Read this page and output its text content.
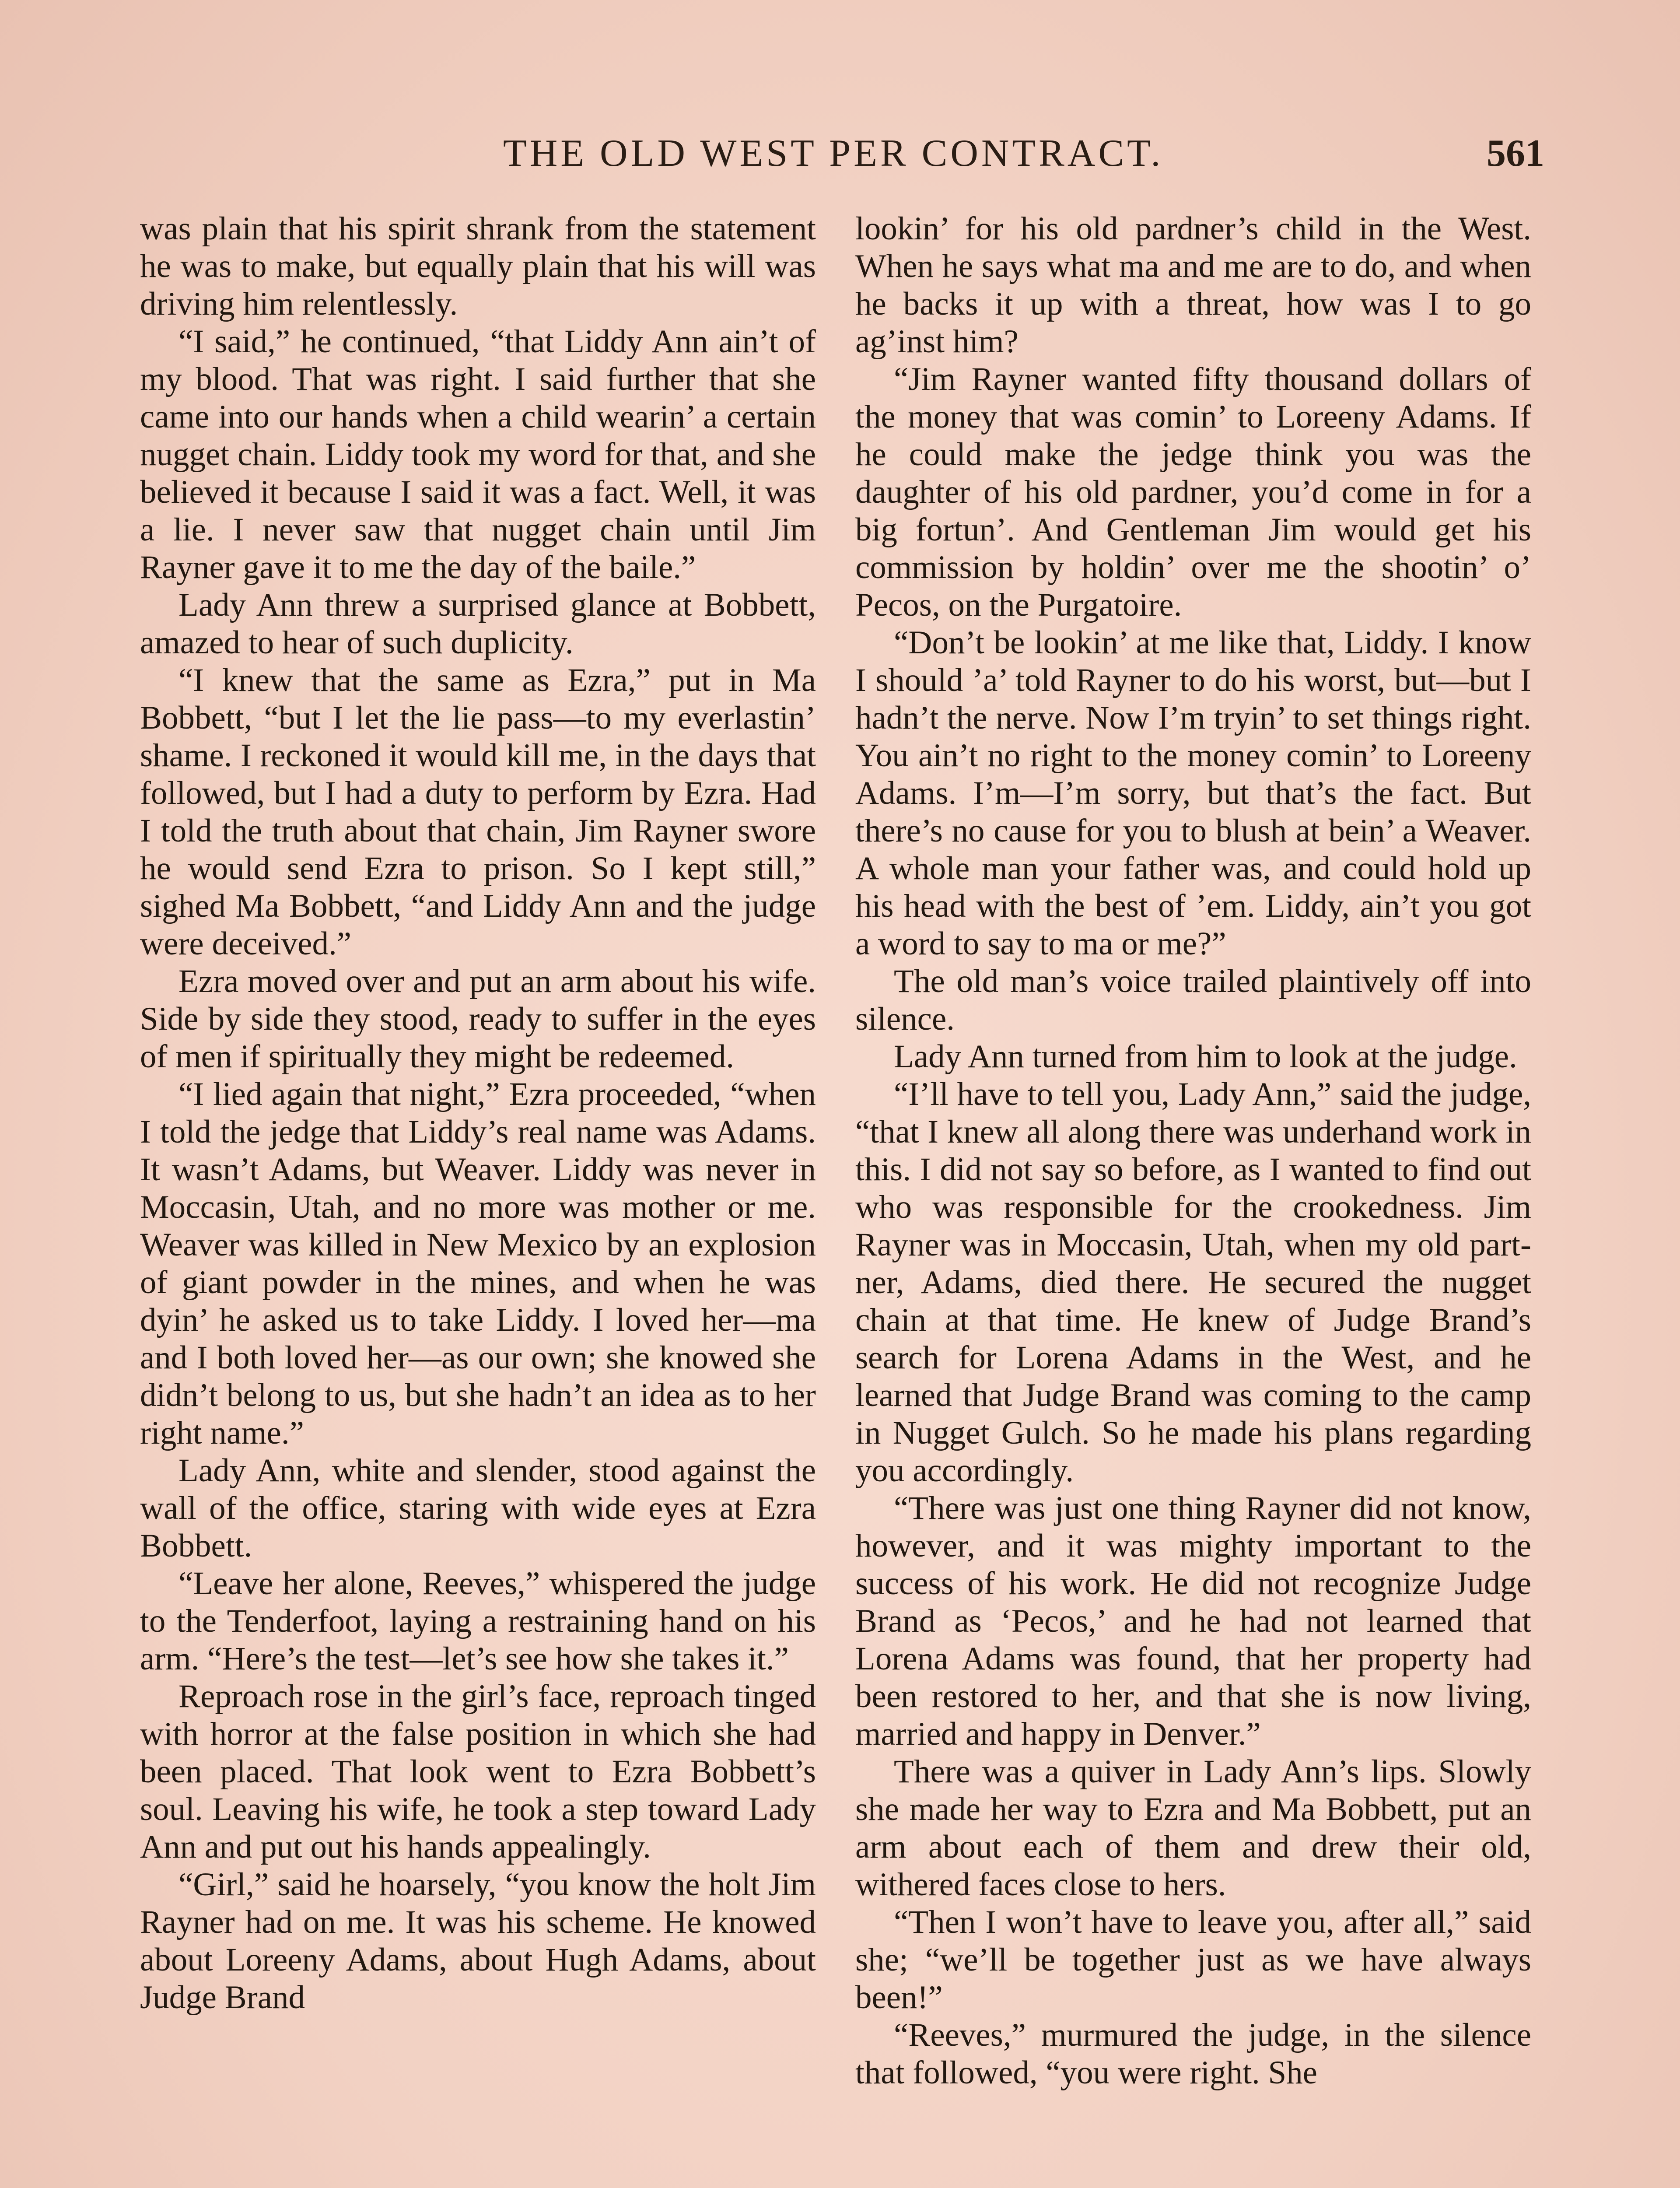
THE OLD WEST PER CONTRACT.	561

was plain that his spirit shrank from the statement he was to make, but equally plain that his will was driving him relentlessly.

“I said,” he continued, “that Liddy Ann ain’t of my blood. That was right. I said further that she came into our hands when a child wearin’ a certain nugget chain. Liddy took my word for that, and she believed it because I said it was a fact. Well, it was a lie. I never saw that nugget chain until Jim Rayner gave it to me the day of the baile.”

Lady Ann threw a surprised glance at Bobbett, amazed to hear of such duplicity.

“I knew that the same as Ezra,” put in Ma Bobbett, “but I let the lie pass—to my everlastin’ shame. I reckoned it would kill me, in the days that followed, but I had a duty to perform by Ezra. Had I told the truth about that chain, Jim Rayner swore he would send Ezra to prison. So I kept still,” sighed Ma Bobbett, “and Liddy Ann and the judge were deceived.”

Ezra moved over and put an arm about his wife. Side by side they stood, ready to suffer in the eyes of men if spiritually they might be redeemed.

“I lied again that night,” Ezra proceeded, “when I told the jedge that Liddy’s real name was Adams. It wasn’t Adams, but Weaver. Liddy was never in Moccasin, Utah, and no more was mother or me. Weaver was killed in New Mexico by an explosion of giant powder in the mines, and when he was dyin’ he asked us to take Liddy. I loved her—ma and I both loved her—as our own; she knowed she didn’t belong to us, but she hadn’t an idea as to her right name.”

Lady Ann, white and slender, stood against the wall of the office, staring with wide eyes at Ezra Bobbett.

“Leave her alone, Reeves,” whispered the judge to the Tenderfoot, laying a restraining hand on his arm. “Here’s the test—let’s see how she takes it.”

Reproach rose in the girl’s face, reproach tinged with horror at the false position in which she had been placed. That look went to Ezra Bobbett’s soul. Leaving his wife, he took a step toward Lady Ann and put out his hands appealingly.

“Girl,” said he hoarsely, “you know the holt Jim Rayner had on me. It was his scheme. He knowed about Loreeny Adams, about Hugh Adams, about Judge Brand

lookin’ for his old pardner’s child in the West. When he says what ma and me are to do, and when he backs it up with a threat, how was I to go ag’inst him?

“Jim Rayner wanted fifty thousand dollars of the money that was comin’ to Loreeny Adams. If he could make the jedge think you was the daughter of his old pardner, you’d come in for a big fortun’. And Gentleman Jim would get his commission by holdin’ over me the shootin’ o’ Pecos, on the Purgatoire.

“Don’t be lookin’ at me like that, Liddy. I know I should ’a’ told Rayner to do his worst, but—but I hadn’t the nerve. Now I’m tryin’ to set things right. You ain’t no right to the money comin’ to Loreeny Adams. I’m—I’m sorry, but that’s the fact. But there’s no cause for you to blush at bein’ a Weaver. A whole man your father was, and could hold up his head with the best of ’em. Liddy, ain’t you got a word to say to ma or me?”

The old man’s voice trailed plaintively off into silence.

Lady Ann turned from him to look at the judge.

“I’ll have to tell you, Lady Ann,” said the judge, “that I knew all along there was underhand work in this. I did not say so before, as I wanted to find out who was responsible for the crookedness. Jim Rayner was in Moccasin, Utah, when my old partner, Adams, died there. He secured the nugget chain at that time. He knew of Judge Brand’s search for Lorena Adams in the West, and he learned that Judge Brand was coming to the camp in Nugget Gulch. So he made his plans regarding you accordingly.

“There was just one thing Rayner did not know, however, and it was mighty important to the success of his work. He did not recognize Judge Brand as ‘Pecos,’ and he had not learned that Lorena Adams was found, that her property had been restored to her, and that she is now living, married and happy in Denver.”

There was a quiver in Lady Ann’s lips. Slowly she made her way to Ezra and Ma Bobbett, put an arm about each of them and drew their old, withered faces close to hers.

“Then I won’t have to leave you, after all,” said she; “we’ll be together just as we have always been!”

“Reeves,” murmured the judge, in the silence that followed, “you were right. She
